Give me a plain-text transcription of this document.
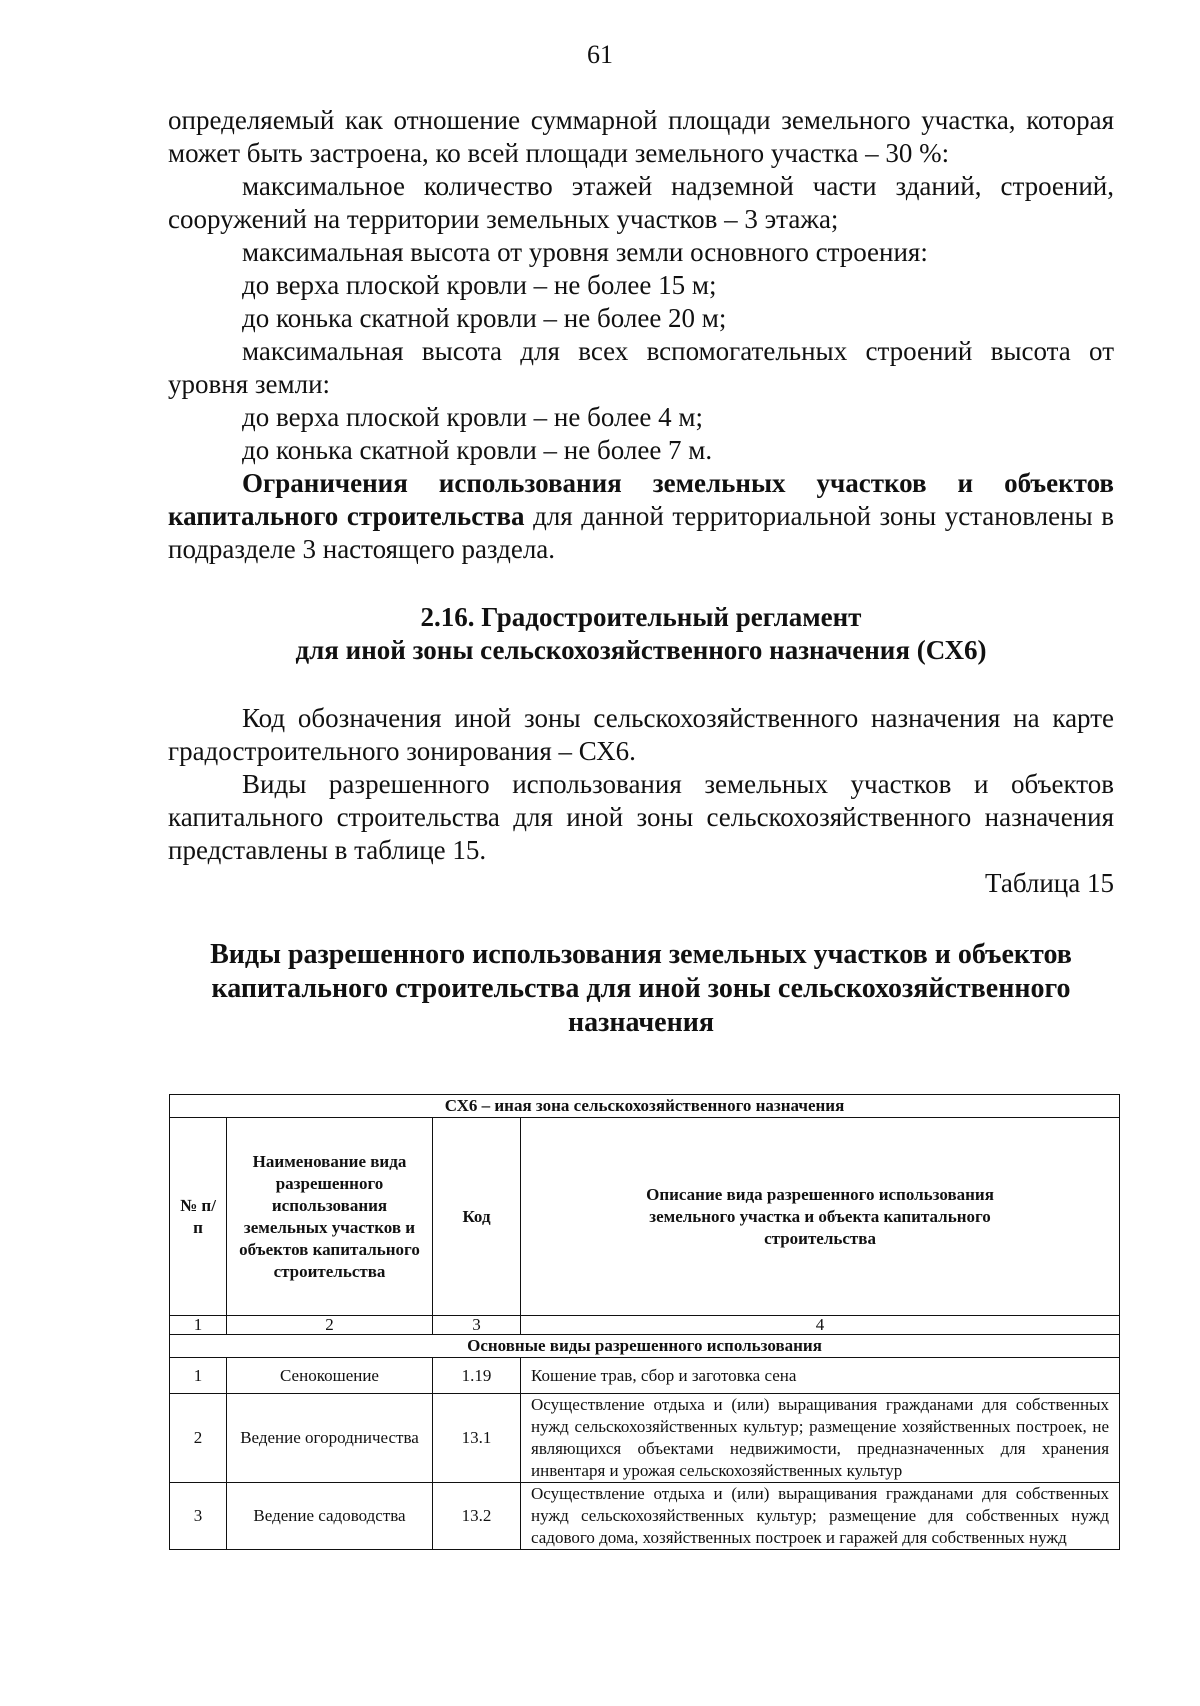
61

определяемый как отношение суммарной площади земельного участка, которая может быть застроена, ко всей площади земельного участка – 30 %:

максимальное количество этажей надземной части зданий, строений, сооружений на территории земельных участков – 3 этажа;

максимальная высота от уровня земли основного строения:

до верха плоской кровли – не более 15 м;

до конька скатной кровли – не более 20 м;

максимальная высота для всех вспомогательных строений высота от уровня земли:

до верха плоской кровли – не более 4 м;

до конька скатной кровли – не более 7 м.

Ограничения использования земельных участков и объектов капитального строительства для данной территориальной зоны установлены в подразделе 3 настоящего раздела.

2.16. Градостроительный регламент
для иной зоны сельскохозяйственного назначения (СХ6)

Код обозначения иной зоны сельскохозяйственного назначения на карте градостроительного зонирования – СХ6.

Виды разрешенного использования земельных участков и объектов капитального строительства для иной зоны сельскохозяйственного назначения представлены в таблице 15.

Таблица 15

Виды разрешенного использования земельных участков и объектов капитального строительства для иной зоны сельскохозяйственного назначения
СХ6 – иная зона сельскохозяйственного назначения			
№ п/п	Наименование вида разрешенного использования земельных участков и объектов капитального строительства	Код	Описание вида разрешенного использования земельного участка и объекта капитального строительства
1	2	3	4
Основные виды разрешенного использования			
1	Сенокошение	1.19	Кошение трав, сбор и заготовка сена
2	Ведение огородничества	13.1	Осуществление отдыха и (или) выращивания гражданами для собственных нужд сельскохозяйственных культур; размещение хозяйственных построек, не являющихся объектами недвижимости, предназначенных для хранения инвентаря и урожая сельскохозяйственных культур
3	Ведение садоводства	13.2	Осуществление отдыха и (или) выращивания гражданами для собственных нужд сельскохозяйственных культур; размещение для собственных нужд садового дома, хозяйственных построек и гаражей для собственных нужд
